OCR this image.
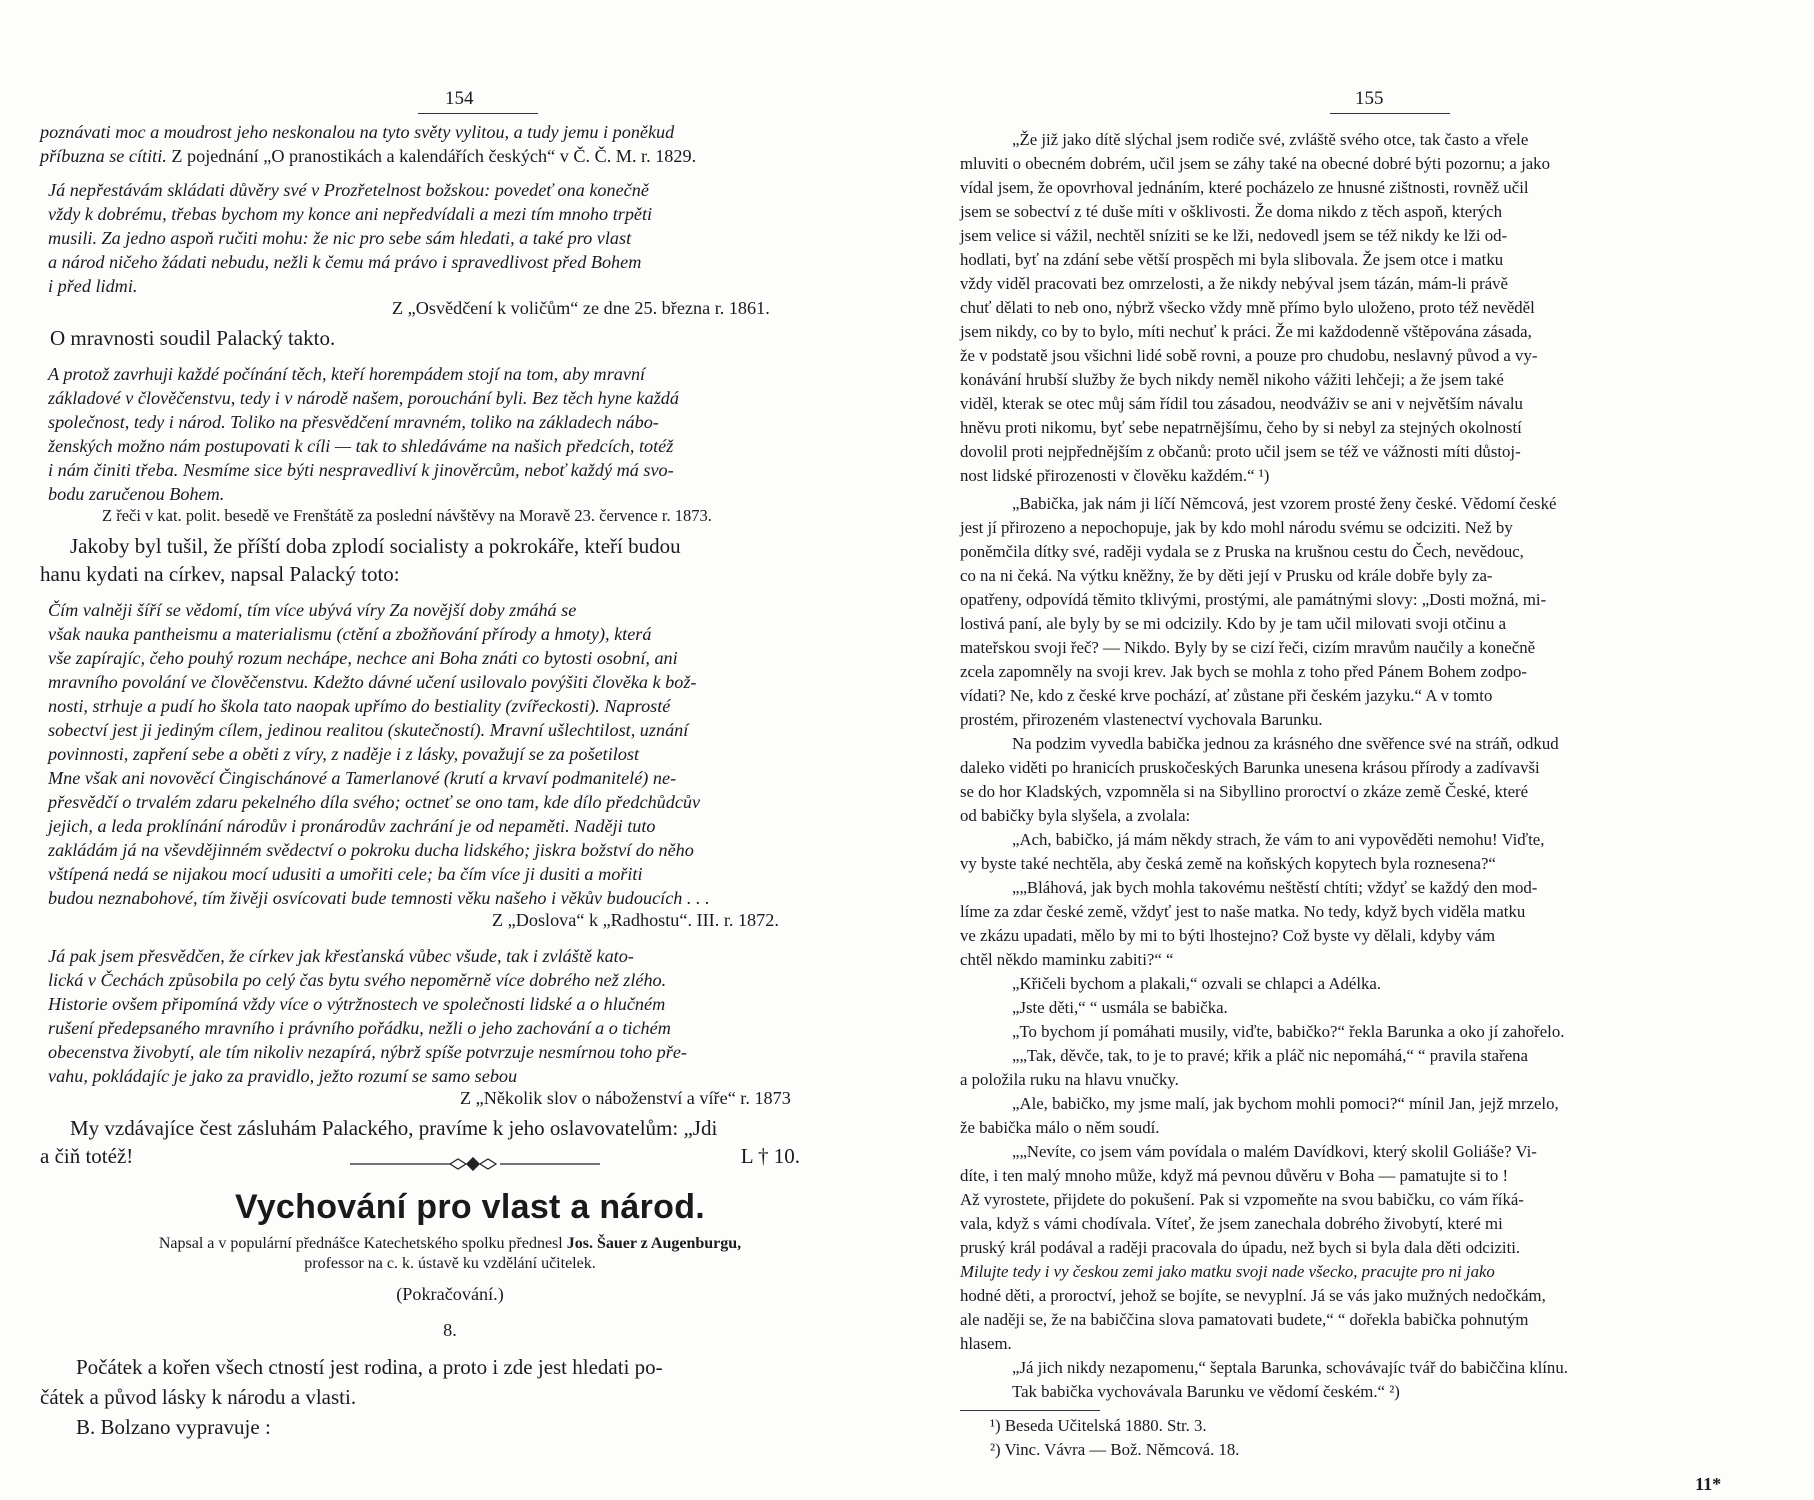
154
poznávati moc a moudrost jeho neskonalou na tyto světy vylitou, a tudy jemu i poněkud
příbuzna se cítiti. Z pojednání „O pranostikách a kalendářích českých“ v Č. Č. M. r. 1829.
Já nepřestávám skládati důvěry své v Prozřetelnost božskou: povedeť ona konečně
vždy k dobrému, třebas bychom my konce ani nepředvídali a mezi tím mnoho trpěti
musili. Za jedno aspoň ručiti mohu: že nic pro sebe sám hledati, a také pro vlast
a národ ničeho žádati nebudu, nežli k čemu má právo i spravedlivost před Bohem
i před lidmi.
Z „Osvědčení k voličům“ ze dne 25. března r. 1861.
O mravnosti soudil Palacký takto.
A protož zavrhuji každé počínání těch, kteří horempádem stojí na tom, aby mravní
základové v člověčenstvu, tedy i v národě našem, porouchání byli. Bez těch hyne každá
společnost, tedy i národ. Toliko na přesvědčení mravném, toliko na základech nábo-
ženských možno nám postupovati k cíli — tak to shledáváme na našich předcích, totéž
i nám činiti třeba. Nesmíme sice býti nespravedliví k jinověrcům, neboť každý má svo-
bodu zaručenou Bohem.
Z řeči v kat. polit. besedě ve Frenštátě za poslední návštěvy na Moravě 23. července r. 1873.
Jakoby byl tušil, že příští doba zplodí socialisty a pokrokáře, kteří budou
hanu kydati na církev, napsal Palacký toto:
Čím valněji šíří se vědomí, tím více ubývá víry Za novější doby zmáhá se
však nauka pantheismu a materialismu (ctění a zbožňování přírody a hmoty), která
vše zapírajíc, čeho pouhý rozum nechápe, nechce ani Boha znáti co bytosti osobní, ani
mravního povolání ve člověčenstvu. Kdežto dávné učení usilovalo povýšiti člověka k bož-
nosti, strhuje a pudí ho škola tato naopak upřímo do bestiality (zvířeckosti). Naprosté
sobectví jest ji jediným cílem, jedinou realitou (skutečností). Mravní ušlechtilost, uznání
povinnosti, zapření sebe a oběti z víry, z naděje i z lásky, považují se za pošetilost
Mne však ani novověcí Čingischánové a Tamerlanové (krutí a krvaví podmanitelé) ne-
přesvědčí o trvalém zdaru pekelného díla svého; octneť se ono tam, kde dílo předchůdcův
jejich, a leda proklínání národův i pronárodův zachrání je od nepaměti. Naději tuto
zakládám já na vševdějinném svědectví o pokroku ducha lidského; jiskra božství do něho
vštípená nedá se nijakou mocí udusiti a umořiti cele; ba čím více ji dusiti a mořiti
budou neznabohové, tím živěji osvícovati bude temnosti věku našeho i věkův budoucích . . .
Z „Doslova“ k „Radhostu“. III. r. 1872.
Já pak jsem přesvědčen, že církev jak křesťanská vůbec všude, tak i zvláště kato-
lická v Čechách způsobila po celý čas bytu svého nepoměrně více dobrého než zlého.
Historie ovšem připomíná vždy více o výtržnostech ve společnosti lidské a o hlučném
rušení předepsaného mravního i právního pořádku, nežli o jeho zachování a o tichém
obecenstva živobytí, ale tím nikoliv nezapírá, nýbrž spíše potvrzuje nesmírnou toho pře-
vahu, pokládajíc je jako za pravidlo, ježto rozumí se samo sebou
Z „Několik slov o náboženství a víře“ r. 1873
My vzdávajíce čest zásluhám Palackého, pravíme k jeho oslavovatelům: „Jdi
a čiň totéž!	L † 10.
Vychování pro vlast a národ.
Napsal a v populární přednášce Katechetského spolku přednesl Jos. Šauer z Augenburgu,
professor na c. k. ústavě ku vzdělání učitelek.
(Pokračování.)
8.
Počátek a kořen všech ctností jest rodina, a proto i zde jest hledati po-
čátek a původ lásky k národu a vlasti.
B. Bolzano vypravuje :
155
„Že již jako dítě slýchal jsem rodiče své, zvláště svého otce, tak často a vřele
mluviti o obecném dobrém, učil jsem se záhy také na obecné dobré býti pozornu; a jako
vídal jsem, že opovrhoval jednáním, které pocházelo ze hnusné zištnosti, rovněž učil
jsem se sobectví z té duše míti v ošklivosti. Že doma nikdo z těch aspoň, kterých
jsem velice si vážil, nechtěl sníziti se ke lži, nedovedl jsem se též nikdy ke lži od-
hodlati, byť na zdání sebe větší prospěch mi byla slibovala. Že jsem otce i matku
vždy viděl pracovati bez omrzelosti, a že nikdy nebýval jsem tázán, mám-li právě
chuť dělati to neb ono, nýbrž všecko vždy mně přímo bylo uloženo, proto též nevěděl
jsem nikdy, co by to bylo, míti nechuť k práci. Že mi každodenně vštěpována zásada,
že v podstatě jsou všichni lidé sobě rovni, a pouze pro chudobu, neslavný původ a vy-
konávání hrubší služby že bych nikdy neměl nikoho vážiti lehčeji; a že jsem také
viděl, kterak se otec můj sám řídil tou zásadou, neodváživ se ani v největším návalu
hněvu proti nikomu, byť sebe nepatrnějšímu, čeho by si nebyl za stejných okolností
dovolil proti nejpřednějším z občanů: proto učil jsem se též ve vážnosti míti důstoj-
nost lidské přirozenosti v člověku každém.“ ¹)
„Babička, jak nám ji líčí Němcová, jest vzorem prosté ženy české. Vědomí české
jest jí přirozeno a nepochopuje, jak by kdo mohl národu svému se odciziti. Než by
poněmčila dítky své, raději vydala se z Pruska na krušnou cestu do Čech, nevědouc,
co na ni čeká. Na výtku kněžny, že by děti její v Prusku od krále dobře byly za-
opatřeny, odpovídá těmito tklivými, prostými, ale památnými slovy: „Dosti možná, mi-
lostivá paní, ale byly by se mi odcizily. Kdo by je tam učil milovati svoji otčinu a
mateřskou svoji řeč? — Nikdo. Byly by se cizí řeči, cizím mravům naučily a konečně
zcela zapomněly na svoji krev. Jak bych se mohla z toho před Pánem Bohem zodpo-
vídati? Ne, kdo z české krve pochází, ať zůstane při českém jazyku.“ A v tomto
prostém, přirozeném vlastenectví vychovala Barunku.
Na podzim vyvedla babička jednou za krásného dne svěřence své na stráň, odkud
daleko viděti po hranicích pruskočeských Barunka unesena krásou přírody a zadívavši
se do hor Kladských, vzpomněla si na Sibyllino proroctví o zkáze země České, které
od babičky byla slyšela, a zvolala:
„Ach, babičko, já mám někdy strach, že vám to ani vypověděti nemohu! Viďte,
vy byste také nechtěla, aby česká země na koňských kopytech byla roznesena?“
„„Bláhová, jak bych mohla takovému neštěstí chtíti; vždyť se každý den mod-
líme za zdar české země, vždyť jest to naše matka. No tedy, když bych viděla matku
ve zkázu upadati, mělo by mi to býti lhostejno? Což byste vy dělali, kdyby vám
chtěl někdo maminku zabiti?“ “
„Křičeli bychom a plakali,“ ozvali se chlapci a Adélka.
„Jste děti,“ “ usmála se babička.
„To bychom jí pomáhati musily, viďte, babičko?“ řekla Barunka a oko jí zahořelo.
„„Tak, děvče, tak, to je to pravé; křik a pláč nic nepomáhá,“ “ pravila stařena
a položila ruku na hlavu vnučky.
„Ale, babičko, my jsme malí, jak bychom mohli pomoci?“ mínil Jan, jejž mrzelo,
že babička málo o něm soudí.
„„Nevíte, co jsem vám povídala o malém Davídkovi, který skolil Goliáše? Vi-
díte, i ten malý mnoho může, když má pevnou důvěru v Boha — pamatujte si to !
Až vyrostete, přijdete do pokušení. Pak si vzpomeňte na svou babičku, co vám říká-
vala, když s vámi chodívala. Víteť, že jsem zanechala dobrého živobytí, které mi
pruský král podával a raději pracovala do úpadu, než bych si byla dala děti odciziti.
Milujte tedy i vy českou zemi jako matku svoji nade všecko, pracujte pro ni jako
hodné děti, a proroctví, jehož se bojíte, se nevyplní. Já se vás jako mužných nedočkám,
ale naději se, že na babiččina slova pamatovati budete,“ “ dořekla babička pohnutým
hlasem.
„Já jich nikdy nezapomenu,“ šeptala Barunka, schovávajíc tvář do babiččina klínu.
Tak babička vychovávala Barunku ve vědomí českém.“ ²)
¹) Beseda Učitelská 1880. Str. 3.
²) Vinc. Vávra — Bož. Němcová. 18.
11*
